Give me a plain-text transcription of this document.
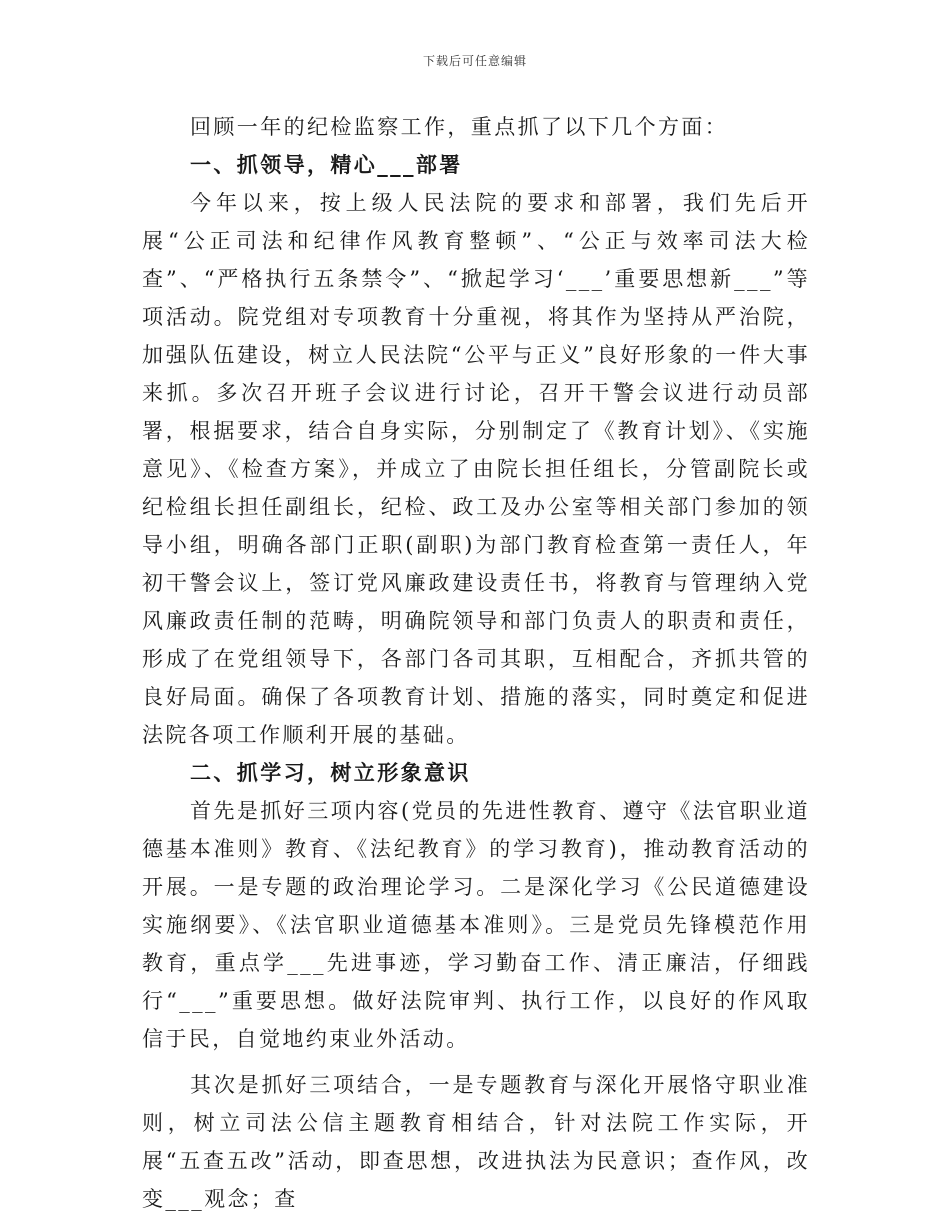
下载后可任意编辑

回顾一年的纪检监察工作，重点抓了以下几个方面：

一、抓领导，精心___部署

今年以来，按上级人民法院的要求和部署，我们先后开展“公正司法和纪律作风教育整顿”、“公正与效率司法大检查”、“严格执行五条禁令”、“掀起学习‘___’重要思想新___”等项活动。院党组对专项教育十分重视，将其作为坚持从严治院，加强队伍建设，树立人民法院“公平与正义”良好形象的一件大事来抓。多次召开班子会议进行讨论，召开干警会议进行动员部署，根据要求，结合自身实际，分别制定了《教育计划》、《实施意见》、《检查方案》，并成立了由院长担任组长，分管副院长或纪检组长担任副组长，纪检、政工及办公室等相关部门参加的领导小组，明确各部门正职(副职)为部门教育检查第一责任人，年初干警会议上，签订党风廉政建设责任书，将教育与管理纳入党风廉政责任制的范畴，明确院领导和部门负责人的职责和责任，形成了在党组领导下，各部门各司其职，互相配合，齐抓共管的良好局面。确保了各项教育计划、措施的落实，同时奠定和促进法院各项工作顺利开展的基础。

二、抓学习，树立形象意识

首先是抓好三项内容(党员的先进性教育、遵守《法官职业道德基本准则》教育、《法纪教育》的学习教育)，推动教育活动的开展。一是专题的政治理论学习。二是深化学习《公民道德建设实施纲要》、《法官职业道德基本准则》。三是党员先锋模范作用教育，重点学___先进事迹，学习勤奋工作、清正廉洁，仔细践行“___”重要思想。做好法院审判、执行工作，以良好的作风取信于民，自觉地约束业外活动。

其次是抓好三项结合，一是专题教育与深化开展恪守职业准则，树立司法公信主题教育相结合，针对法院工作实际，开展“五查五改”活动，即查思想，改进执法为民意识；查作风，改变___观念；查
